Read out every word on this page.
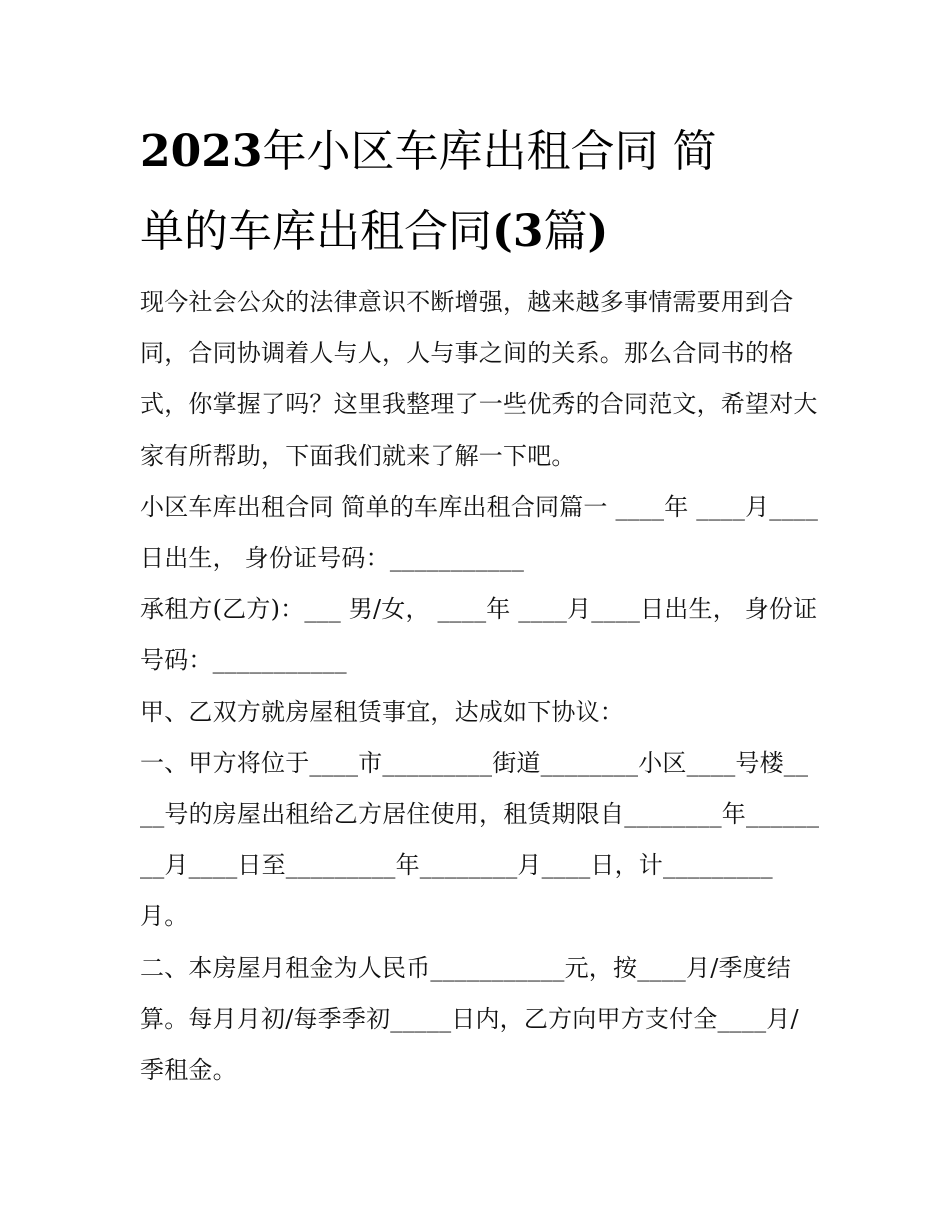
2023年小区车库出租合同 简
单的车库出租合同(3篇)

现今社会公众的法律意识不断增强，越来越多事情需要用到合同，合同协调着人与人，人与事之间的关系。那么合同书的格式，你掌握了吗？这里我整理了一些优秀的合同范文，希望对大家有所帮助，下面我们就来了解一下吧。

小区车库出租合同 简单的车库出租合同篇一 ____年 ____月____日出生， 身份证号码：___________

承租方(乙方)：___ 男/女， ____年 ____月____日出生， 身份证号码：___________

甲、乙双方就房屋租赁事宜，达成如下协议：

一、甲方将位于____市_________街道________小区____号楼____号的房屋出租给乙方居住使用，租赁期限自________年________月____日至_________年________月____日，计_________月。

二、本房屋月租金为人民币___________元，按____月/季度结算。每月月初/每季季初_____日内，乙方向甲方支付全____月/季租金。
